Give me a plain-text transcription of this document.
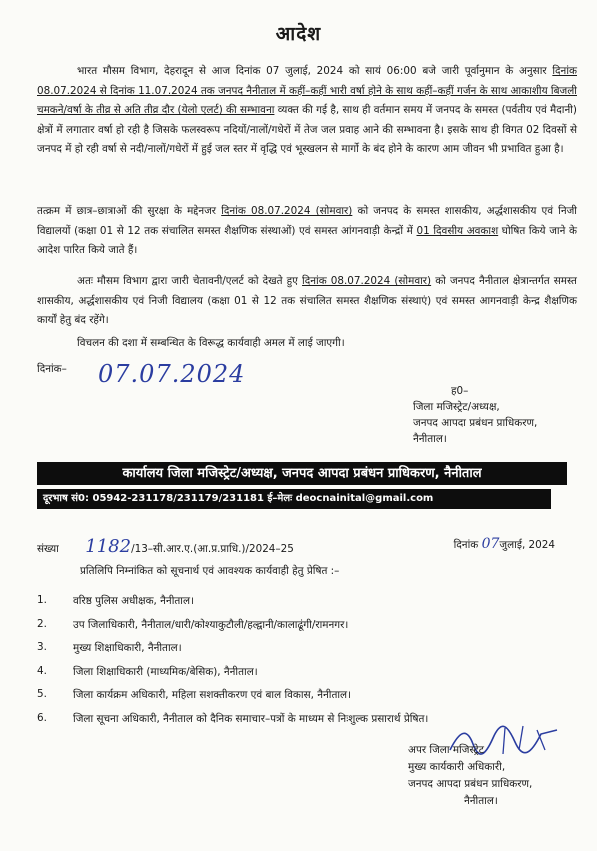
आदेश
भारत मौसम विभाग, देहरादून से आज दिनांक 07 जुलाई, 2024 को सायं 06:00 बजे जारी पूर्वानुमान के अनुसार दिनांक 08.07.2024 से दिनांक 11.07.2024 तक जनपद नैनीताल में कहीं–कहीं भारी वर्षा होने के साथ कहीं–कहीं गर्जन के साथ आकाशीय बिजली चमकने/वर्षा के तीव्र से अति तीव्र दौर (येलो एलर्ट) की सम्भावना व्यक्त की गई है, साथ ही वर्तमान समय में जनपद के समस्त (पर्वतीय एवं मैदानी) क्षेत्रों में लगातार वर्षा हो रही है जिसके फलस्वरूप नदियों/नालों/गधेरों में तेज जल प्रवाह आने की सम्भावना है। इसके साथ ही विगत 02 दिवसों से जनपद में हो रही वर्षा से नदी/नालों/गधेरों में हुई जल स्तर में वृद्धि एवं भूस्खलन से मार्गो के बंद होने के कारण आम जीवन भी प्रभावित हुआ है।
तत्क्रम में छात्र–छात्राओं की सुरक्षा के मद्देनजर दिनांक 08.07.2024 (सोमवार) को जनपद के समस्त शासकीय, अर्द्धशासकीय एवं निजी विद्यालयों (कक्षा 01 से 12 तक संचालित समस्त शैक्षणिक संस्थाओं) एवं समस्त आंगनवाड़ी केन्द्रों में 01 दिवसीय अवकाश घोषित किये जाने के आदेश पारित किये जाते हैं।
अतः मौसम विभाग द्वारा जारी चेतावनी/एलर्ट को देखते हुए दिनांक 08.07.2024 (सोमवार) को जनपद नैनीताल क्षेत्रान्तर्गत समस्त शासकीय, अर्द्धशासकीय एवं निजी विद्यालय (कक्षा 01 से 12 तक संचालित समस्त शैक्षणिक संस्थाएं) एवं समस्त आगनवाड़ी केन्द्र शैक्षणिक कार्यों हेतु बंद रहेंगे।
विचलन की दशा में सम्बन्धित के विरूद्ध कार्यवाही अमल में लाई जाएगी।
दिनांक– 07.07.2024
ह0–
जिला मजिस्ट्रेट/अध्यक्ष,
जनपद आपदा प्रबंधन प्राधिकरण,
नैनीताल।
कार्यालय जिला मजिस्ट्रेट/अध्यक्ष, जनपद आपदा प्रबंधन प्राधिकरण, नैनीताल
दूरभाष सं0: 05942-231178/231179/231181 ई–मेलः deocnainital@gmail.com
संख्या 1182/13–सी.आर.ए.(आ.प्र.प्राधि.)/2024–25	दिनांक 07जुलाई, 2024
प्रतिलिपि निम्नांकित को सूचनार्थ एवं आवश्यक कार्यवाही हेतु प्रेषित :–
1.	वरिष्ठ पुलिस अधीक्षक, नैनीताल।
2.	उप जिलाधिकारी, नैनीताल/धारी/कोश्याकुटौली/हल्द्वानी/कालाढूंगी/रामनगर।
3.	मुख्य शिक्षाधिकारी, नैनीताल।
4.	जिला शिक्षाधिकारी (माध्यमिक/बेसिक), नैनीताल।
5.	जिला कार्यक्रम अधिकारी, महिला सशक्तीकरण एवं बाल विकास, नैनीताल।
6.	जिला सूचना अधिकारी, नैनीताल को दैनिक समाचार–पत्रों के माध्यम से निःशुल्क प्रसारार्थ प्रेषित।
अपर जिला मजिस्ट्रेट
मुख्य कार्यकारी अधिकारी,
जनपद आपदा प्रबंधन प्राधिकरण,
नैनीताल।
